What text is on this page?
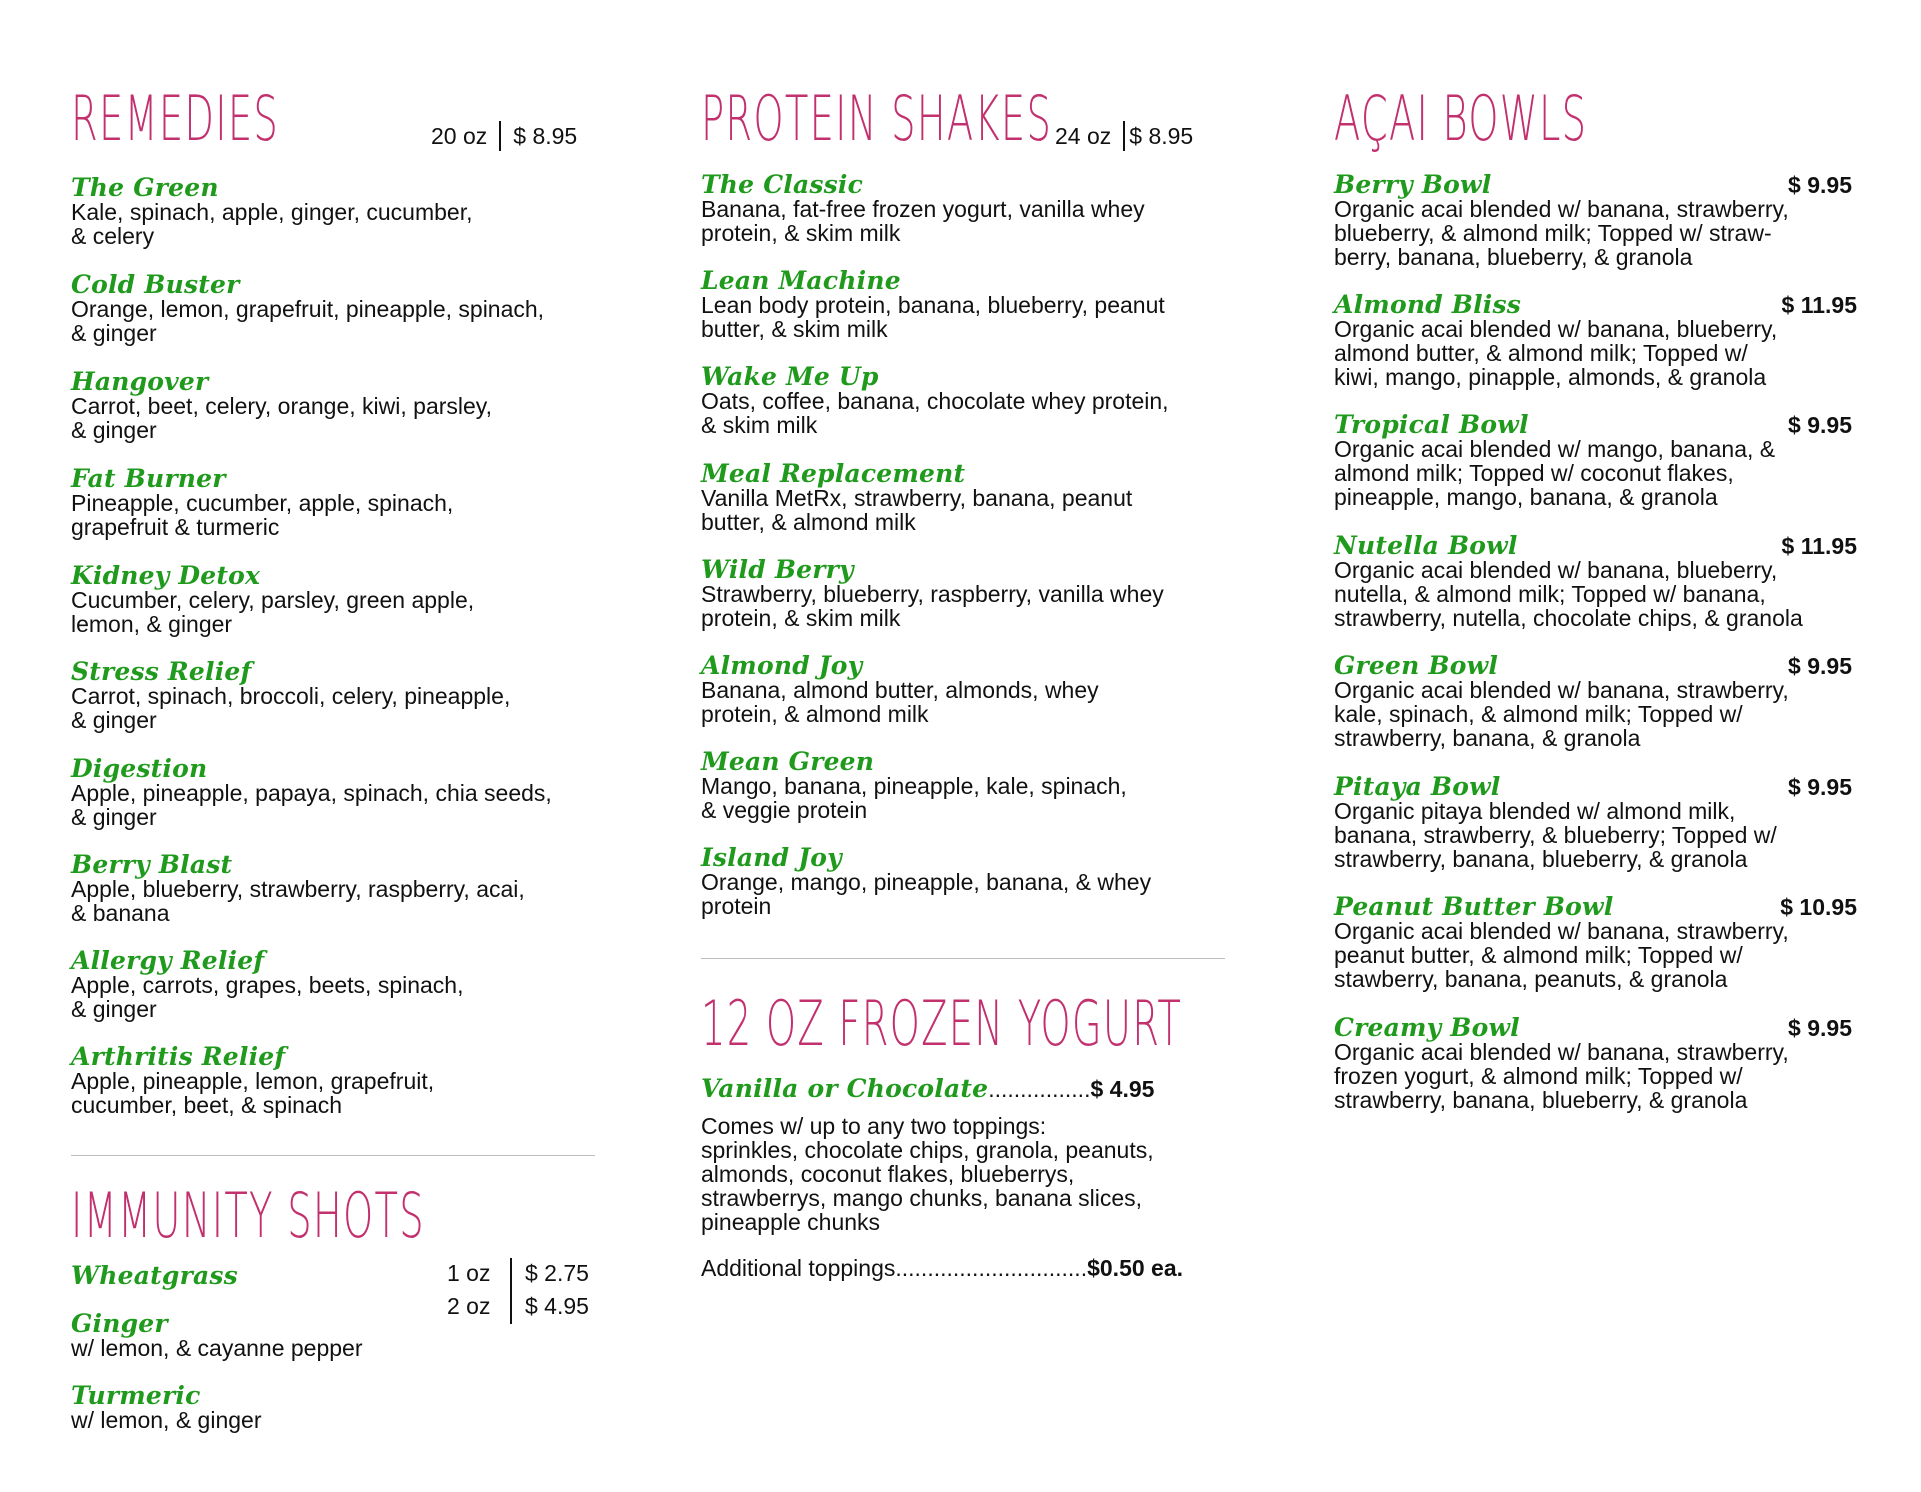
REMEDIES	20 oz $ 8.95
The Green
Kale, spinach, apple, ginger, cucumber,
& celery
Cold Buster
Orange, lemon, grapefruit, pineapple, spinach,
& ginger
Hangover
Carrot, beet, celery, orange, kiwi, parsley,
& ginger
Fat Burner
Pineapple, cucumber, apple, spinach,
grapefruit & turmeric
Kidney Detox
Cucumber, celery, parsley, green apple,
lemon, & ginger
Stress Relief
Carrot, spinach, broccoli, celery, pineapple,
& ginger
Digestion
Apple, pineapple, papaya, spinach, chia seeds,
& ginger
Berry Blast
Apple, blueberry, strawberry, raspberry, acai,
& banana
Allergy Relief
Apple, carrots, grapes, beets, spinach,
& ginger
Arthritis Relief
Apple, pineapple, lemon, grapefruit,
cucumber, beet, & spinach
IMMUNITY SHOTS
1 oz $ 2.75
2 oz $ 4.95
Wheatgrass
Ginger
w/ lemon, & cayanne pepper
Turmeric
w/ lemon, & ginger
PROTEIN SHAKES 24 oz $ 8.95
The Classic
Banana, fat-free frozen yogurt, vanilla whey
protein, & skim milk
Lean Machine
Lean body protein, banana, blueberry, peanut
butter, & skim milk
Wake Me Up
Oats, coffee, banana, chocolate whey protein,
& skim milk
Meal Replacement
Vanilla MetRx, strawberry, banana, peanut
butter, & almond milk
Wild Berry
Strawberry, blueberry, raspberry, vanilla whey
protein, & skim milk
Almond Joy
Banana, almond butter, almonds, whey
protein, & almond milk
Mean Green
Mango, banana, pineapple, kale, spinach,
& veggie protein
Island Joy
Orange, mango, pineapple, banana, & whey
protein
12 OZ FROZEN YOGURT
Vanilla or Chocolate ................ $ 4.95
Comes w/ up to any two toppings:
sprinkles, chocolate chips, granola, peanuts,
almonds, coconut flakes, blueberrys,
strawberrys, mango chunks, banana slices,
pineapple chunks
Additional toppings .............................. $0.50 ea.
AÇAI BOWLS
Berry Bowl	$ 9.95
Organic acai blended w/ banana, strawberry,
blueberry, & almond milk; Topped w/ straw-
berry, banana, blueberry, & granola
Almond Bliss	$ 11.95
Organic acai blended w/ banana, blueberry,
almond butter, & almond milk; Topped w/
kiwi, mango, pinapple, almonds, & granola
Tropical Bowl	$ 9.95
Organic acai blended w/ mango, banana, &
almond milk; Topped w/ coconut flakes,
pineapple, mango, banana, & granola
Nutella Bowl	$ 11.95
Organic acai blended w/ banana, blueberry,
nutella, & almond milk; Topped w/ banana,
strawberry, nutella, chocolate chips, & granola
Green Bowl	$ 9.95
Organic acai blended w/ banana, strawberry,
kale, spinach, & almond milk; Topped w/
strawberry, banana, & granola
Pitaya Bowl	$ 9.95
Organic pitaya blended w/ almond milk,
banana, strawberry, & blueberry; Topped w/
strawberry, banana, blueberry, & granola
Peanut Butter Bowl	$ 10.95
Organic acai blended w/ banana, strawberry,
peanut butter, & almond milk; Topped w/
stawberry, banana, peanuts, & granola
Creamy Bowl	$ 9.95
Organic acai blended w/ banana, strawberry,
frozen yogurt, & almond milk; Topped w/
strawberry, banana, blueberry, & granola
